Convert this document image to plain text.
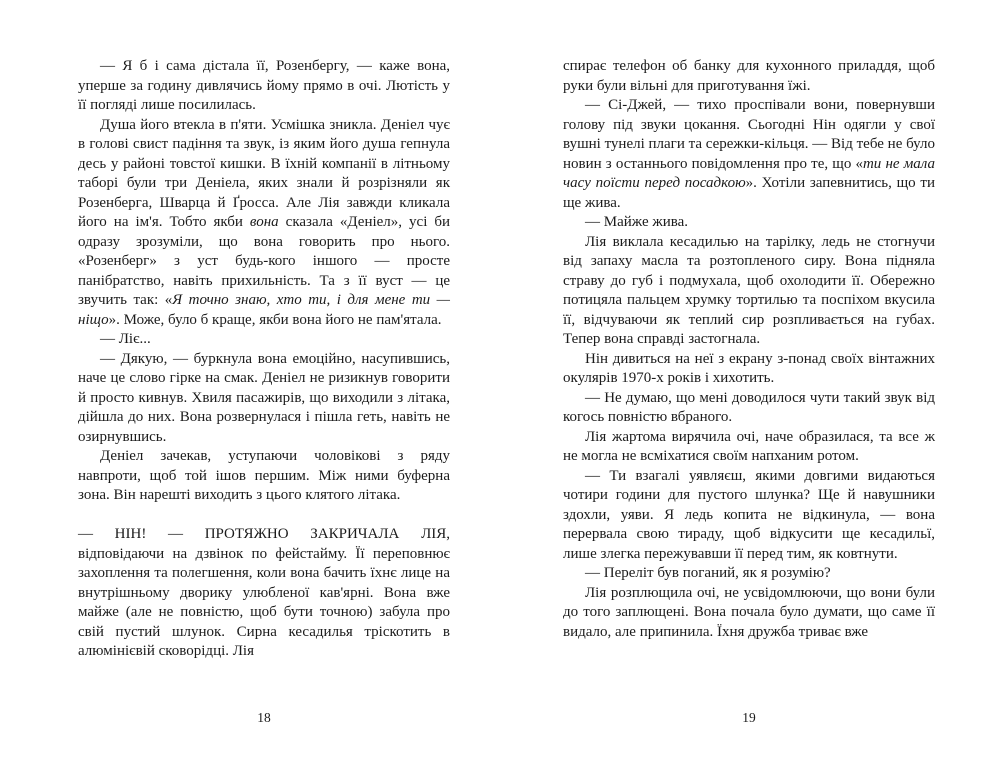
— Я б і сама дістала її, Розенбергу, — каже вона, уперше за годину дивлячись йому прямо в очі. Лютість у її погляді лише посилилась.

Душа його втекла в п'яти. Усмішка зникла. Деніел чує в голові свист падіння та звук, із яким його душа гепнула десь у районі товстої кишки. В їхній компанії в літньому таборі були три Деніела, яких знали й розрізняли як Розенберга, Шварца й Ґросса. Але Лія завжди кликала його на ім'я. Тобто якби вона сказала «Деніел», усі би одразу зрозуміли, що вона говорить про нього. «Розенберг» з уст будь-кого іншого — просте панібратство, навіть прихильність. Та з її вуст — це звучить так: «Я точно знаю, хто ти, і для мене ти — ніщо». Може, було б краще, якби вона його не пам'ятала.

— Ліє...

— Дякую, — буркнула вона емоційно, насупившись, наче це слово гірке на смак. Деніел не ризикнув говорити й просто кивнув. Хвиля пасажирів, що виходили з літака, дійшла до них. Вона розвернулася і пішла геть, навіть не озирнувшись.

Деніел зачекав, уступаючи чоловікові з ряду навпроти, щоб той ішов першим. Між ними буферна зона. Він нарешті виходить з цього клятого літака.

— НІН! — ПРОТЯЖНО ЗАКРИЧАЛА ЛІЯ, відповідаючи на дзвінок по фейстайму. Її переповнює захоплення та полегшення, коли вона бачить їхнє лице на внутрішньому дворику улюбленої кав'ярні. Вона вже майже (але не повністю, щоб бути точною) забула про свій пустий шлунок. Сирна кесадилья тріскотить в алюмінієвій сковорідці. Лія

18

спирає телефон об банку для кухонного приладдя, щоб руки були вільні для приготування їжі.

— Сі-Джей, — тихо проспівали вони, повернувши голову під звуки цокання. Сьогодні Нін одягли у свої вушні тунелі плаги та сережки-кільця. — Від тебе не було новин з останнього повідомлення про те, що «ти не мала часу поїсти перед посадкою». Хотіли запевнитись, що ти ще жива.

— Майже жива.

Лія виклала кесадилью на тарілку, ледь не стогнучи від запаху масла та розтопленого сиру. Вона підняла страву до губ і подмухала, щоб охолодити її. Обережно потицяла пальцем хрумку тортилью та поспіхом вкусила її, відчуваючи як теплий сир розпливається на губах. Тепер вона справді застогнала.

Нін дивиться на неї з екрану з-понад своїх вінтажних окулярів 1970-х років і хихотить.

— Не думаю, що мені доводилося чути такий звук від когось повністю вбраного.

Лія жартома вирячила очі, наче образилася, та все ж не могла не всміхатися своїм напханим ротом.

— Ти взагалі уявляєш, якими довгими видаються чотири години для пустого шлунка? Ще й навушники здохли, уяви. Я ледь копита не відкинула, — вона перервала свою тираду, щоб відкусити ще кесадильї, лише злегка пережувавши її перед тим, як ковтнути.

— Переліт був поганий, як я розумію?

Лія розплющила очі, не усвідомлюючи, що вони були до того заплющені. Вона почала було думати, що саме її видало, але припинила. Їхня дружба триває вже

19
